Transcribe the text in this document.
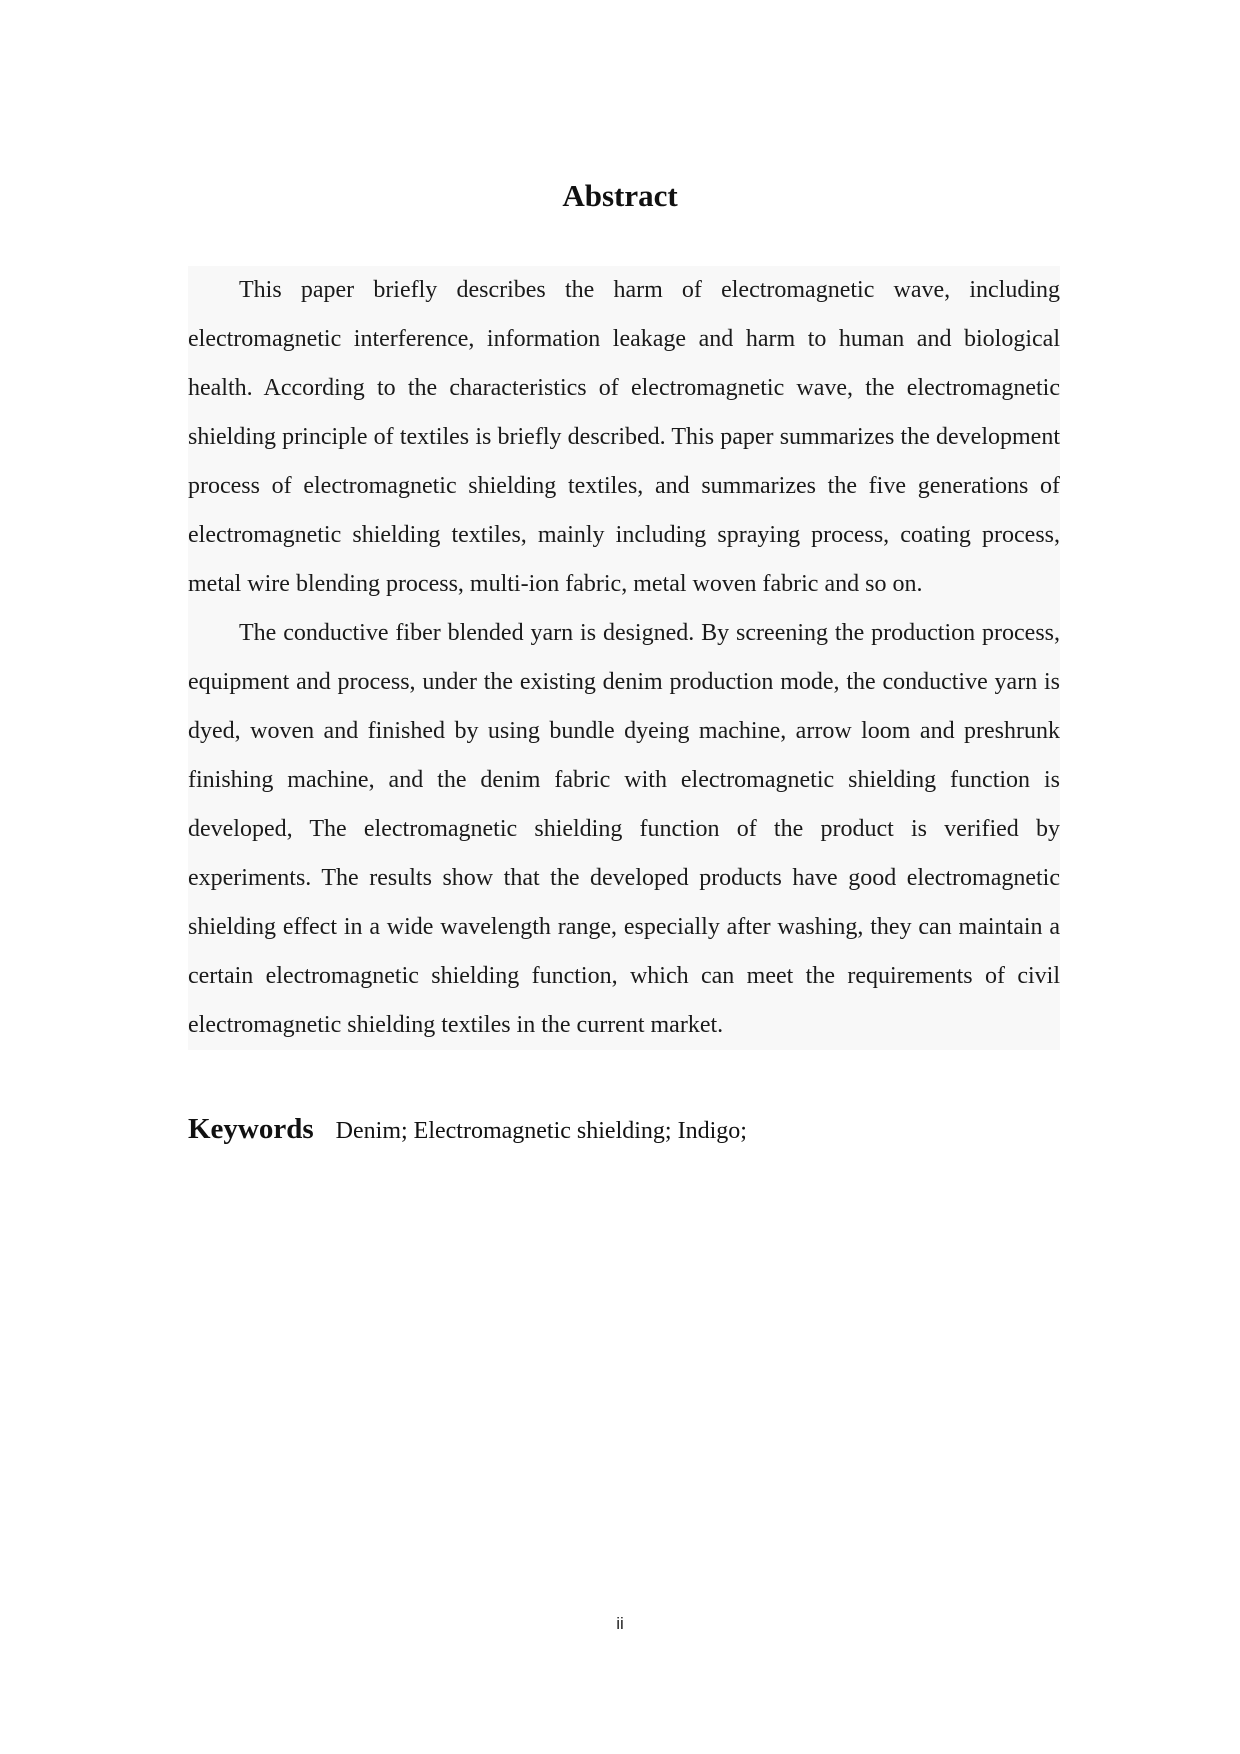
Abstract

This paper briefly describes the harm of electromagnetic wave, including electromagnetic interference, information leakage and harm to human and biological health. According to the characteristics of electromagnetic wave, the electromagnetic shielding principle of textiles is briefly described. This paper summarizes the development process of electromagnetic shielding textiles, and summarizes the five generations of electromagnetic shielding textiles, mainly including spraying process, coating process, metal wire blending process, multi-ion fabric, metal woven fabric and so on.

The conductive fiber blended yarn is designed. By screening the production process, equipment and process, under the existing denim production mode, the conductive yarn is dyed, woven and finished by using bundle dyeing machine, arrow loom and preshrunk finishing machine, and the denim fabric with electromagnetic shielding function is developed, The electromagnetic shielding function of the product is verified by experiments. The results show that the developed products have good electromagnetic shielding effect in a wide wavelength range, especially after washing, they can maintain a certain electromagnetic shielding function, which can meet the requirements of civil electromagnetic shielding textiles in the current market.

Keywords Denim; Electromagnetic shielding; Indigo;
ii
